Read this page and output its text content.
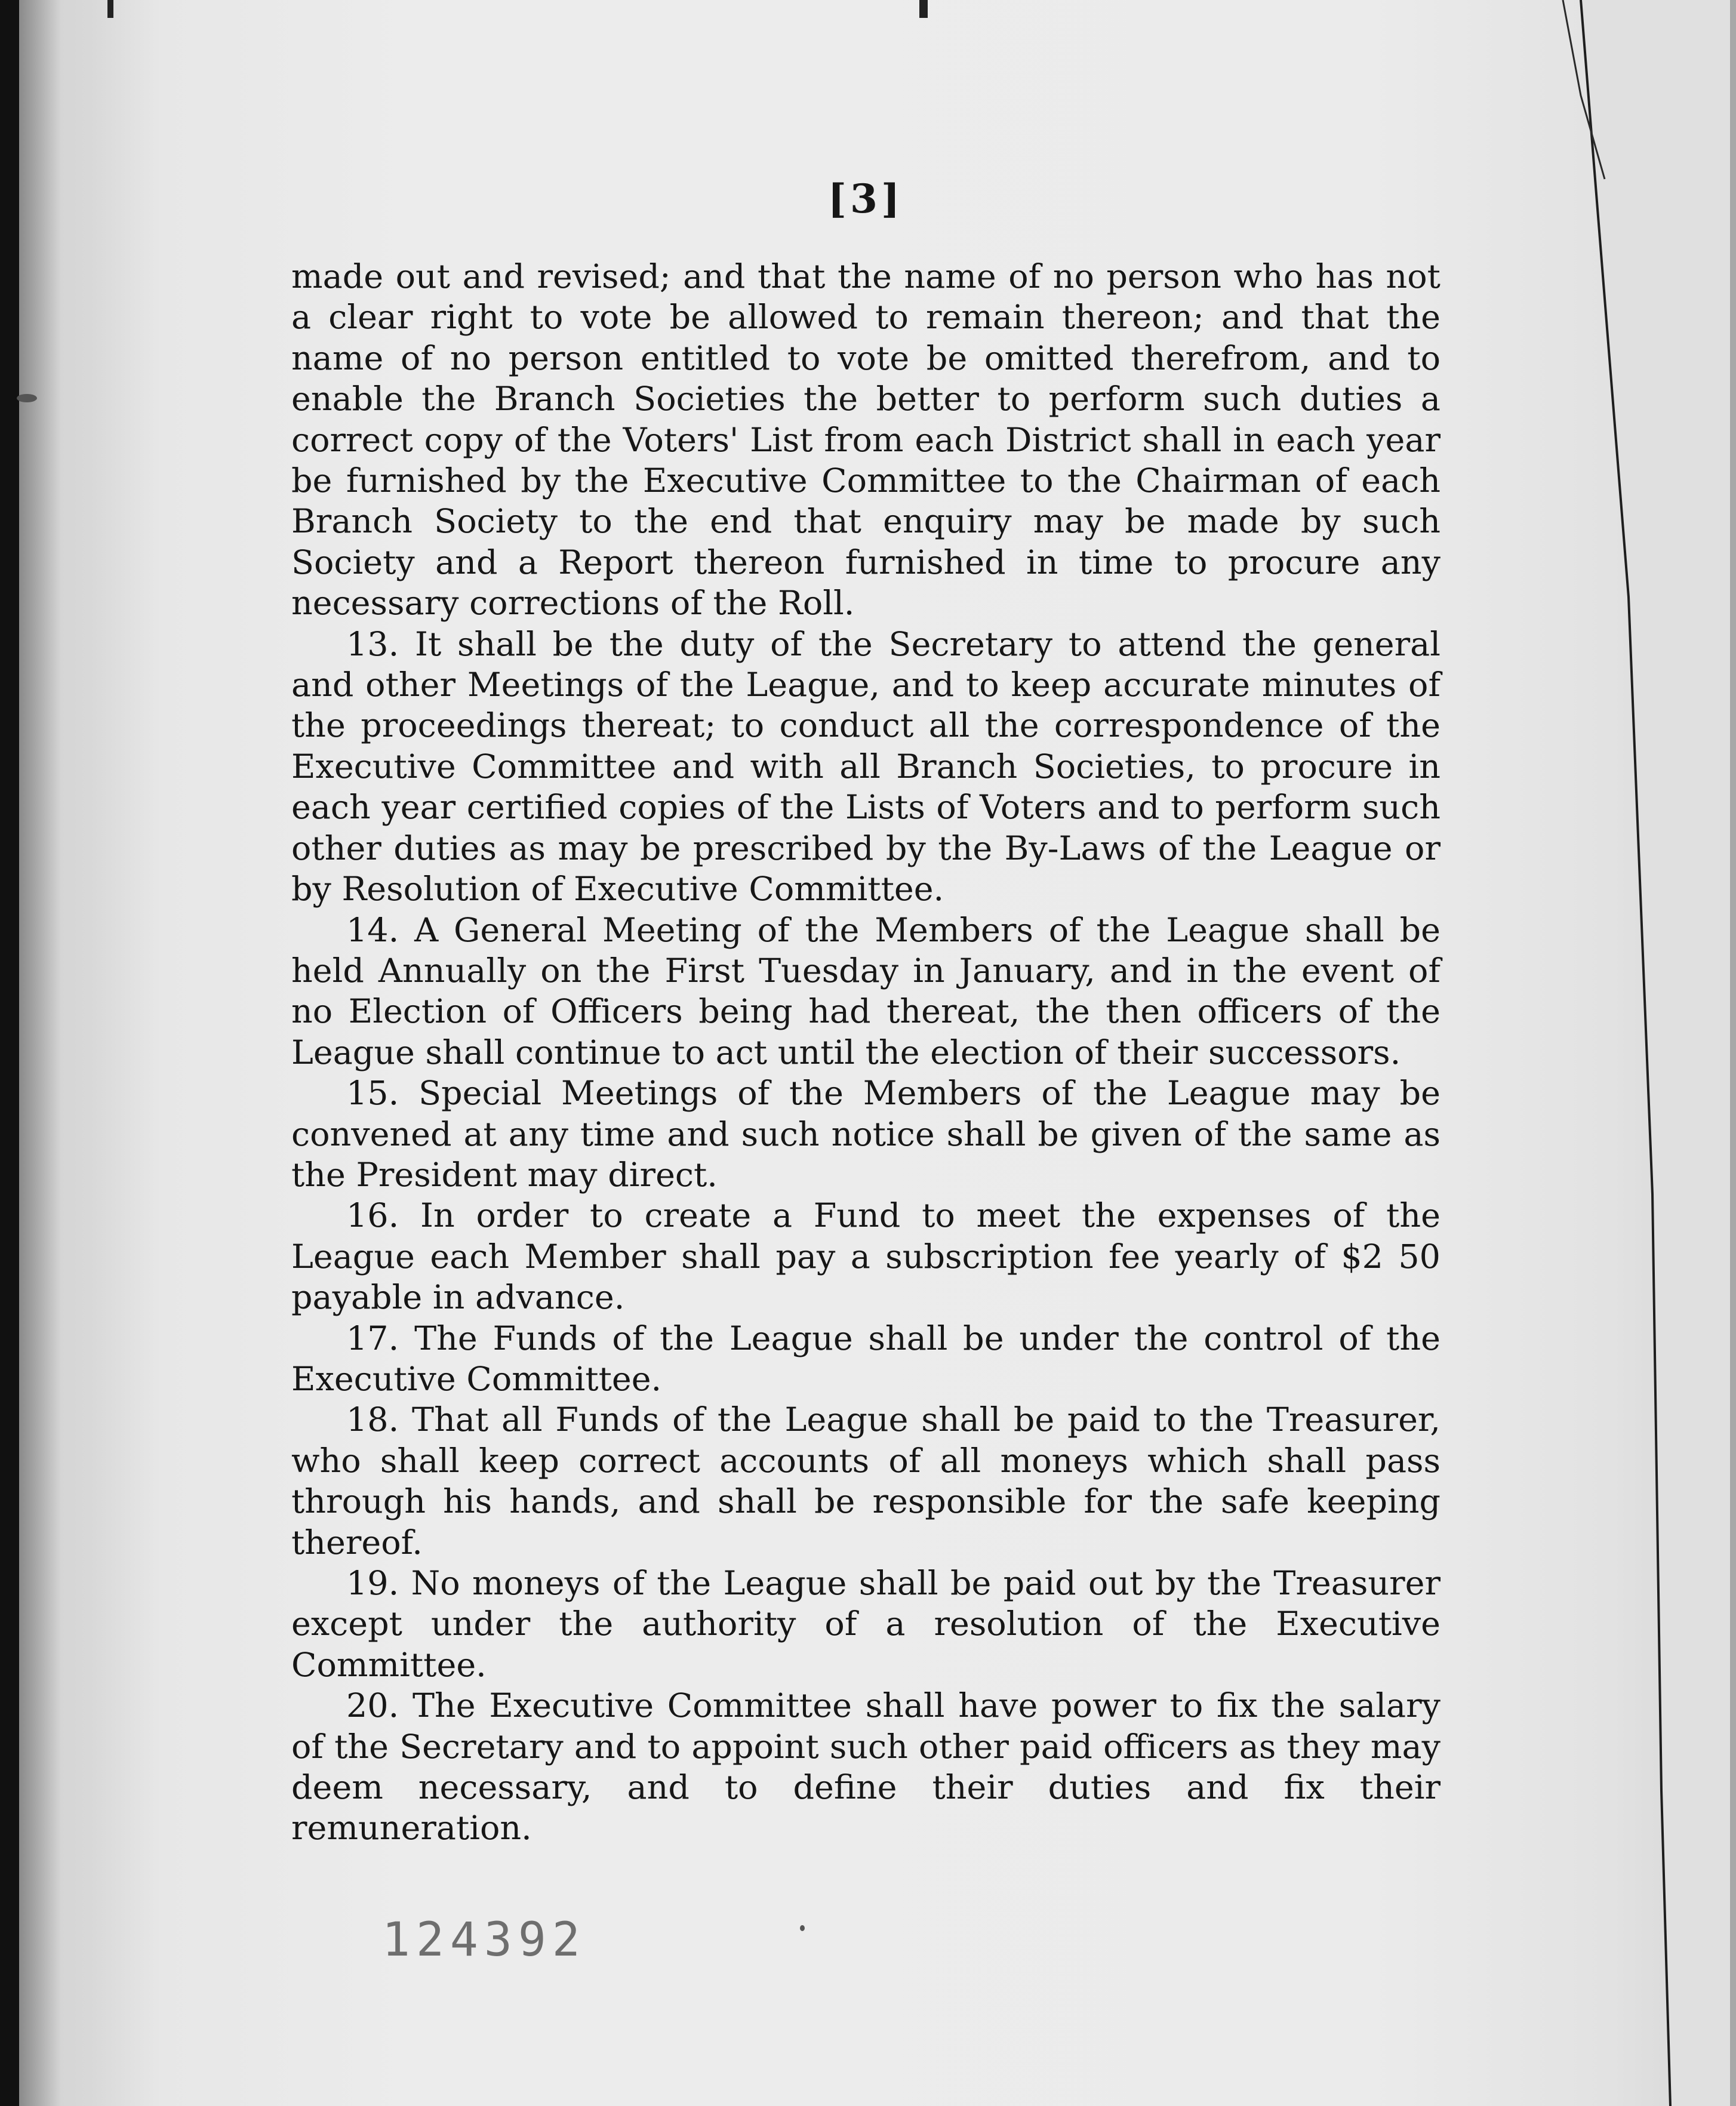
[3]

made out and revised; and that the name of no person who has not a clear right to vote be allowed to remain thereon; and that the name of no person entitled to vote be omitted therefrom, and to enable the Branch Societies the better to perform such duties a correct copy of the Voters' List from each District shall in each year be furnished by the Executive Committee to the Chairman of each Branch Society to the end that enquiry may be made by such Society and a Report thereon furnished in time to procure any necessary corrections of the Roll.

13. It shall be the duty of the Secretary to attend the general and other Meetings of the League, and to keep accurate minutes of the proceedings thereat; to conduct all the correspondence of the Executive Committee and with all Branch Societies, to procure in each year certified copies of the Lists of Voters and to perform such other duties as may be prescribed by the By-Laws of the League or by Resolution of Executive Committee.

14. A General Meeting of the Members of the League shall be held Annually on the First Tuesday in January, and in the event of no Election of Officers being had thereat, the then officers of the League shall continue to act until the election of their successors.

15. Special Meetings of the Members of the League may be convened at any time and such notice shall be given of the same as the President may direct.

16. In order to create a Fund to meet the expenses of the League each Member shall pay a subscription fee yearly of $2 50 payable in advance.

17. The Funds of the League shall be under the control of the Executive Committee.

18. That all Funds of the League shall be paid to the Treasurer, who shall keep correct accounts of all moneys which shall pass through his hands, and shall be responsible for the safe keeping thereof.

19. No moneys of the League shall be paid out by the Treasurer except under the authority of a resolution of the Executive Committee.

20. The Executive Committee shall have power to fix the salary of the Secretary and to appoint such other paid officers as they may deem necessary, and to define their duties and fix their remuneration.

124392
